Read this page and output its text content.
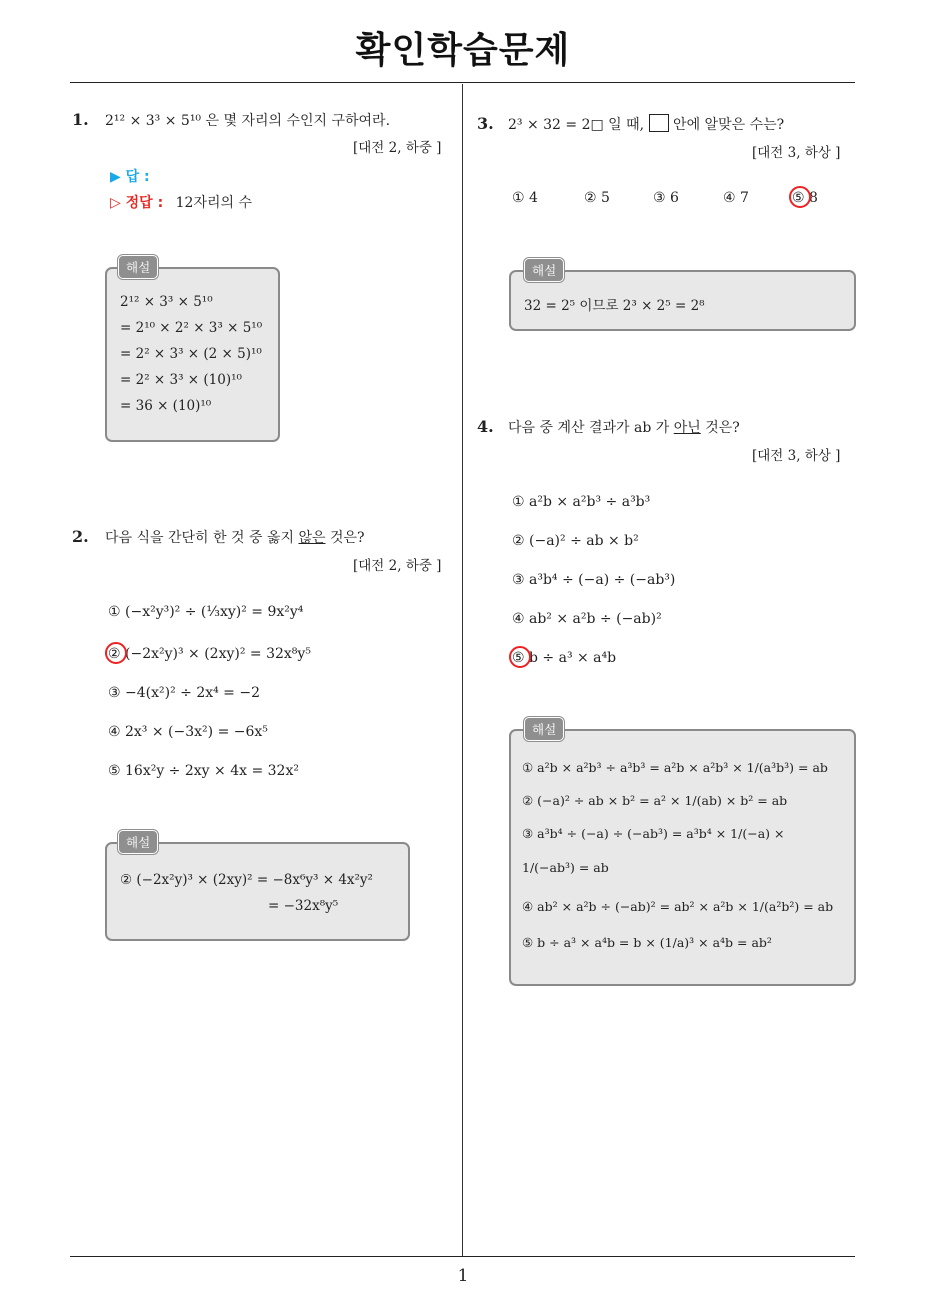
확인학습문제
1. 2¹² × 3³ × 5¹⁰ 은 몇 자리의 수인지 구하여라.
[대전 2, 하중 ]
▶ 답 :
▷ 정답 : 12자리의 수
해설
2¹² × 3³ × 5¹⁰
= 2¹⁰ × 2² × 3³ × 5¹⁰
= 2² × 3³ × (2 × 5)¹⁰
= 2² × 3³ × (10)¹⁰
= 36 × (10)¹⁰
2. 다음 식을 간단히 한 것 중 옳지 않은 것은?
[대전 2, 하중 ]
① (−x²y³)² ÷ (⅓xy)² = 9x²y⁴
② (−2x²y)³ × (2xy)² = 32x⁸y⁵
③ −4(x²)² ÷ 2x⁴ = −2
④ 2x³ × (−3x²) = −6x⁵
⑤ 16x²y ÷ 2xy × 4x = 32x²
해설
② (−2x²y)³ × (2xy)² = −8x⁶y³ × 4x²y²
= −32x⁸y⁵
3. 2³ × 32 = 2□ 일 때,  안에 알맞은 수는?
[대전 3, 하상 ]
① 4	② 5	③ 6	④ 7	⑤ 8
해설
32 = 2⁵ 이므로 2³ × 2⁵ = 2⁸
4. 다음 중 계산 결과가 ab 가 아닌 것은?
[대전 3, 하상 ]
① a²b × a²b³ ÷ a³b³
② (−a)² ÷ ab × b²
③ a³b⁴ ÷ (−a) ÷ (−ab³)
④ ab² × a²b ÷ (−ab)²
⑤ b ÷ a³ × a⁴b
해설
① a²b × a²b³ ÷ a³b³ = a²b × a²b³ × 1/(a³b³) = ab
② (−a)² ÷ ab × b² = a² × 1/(ab) × b² = ab
③ a³b⁴ ÷ (−a) ÷ (−ab³) = a³b⁴ × 1/(−a) ×
1/(−ab³) = ab
④ ab² × a²b ÷ (−ab)² = ab² × a²b × 1/(a²b²) = ab
⑤ b ÷ a³ × a⁴b = b × (1/a)³ × a⁴b = ab²
1
